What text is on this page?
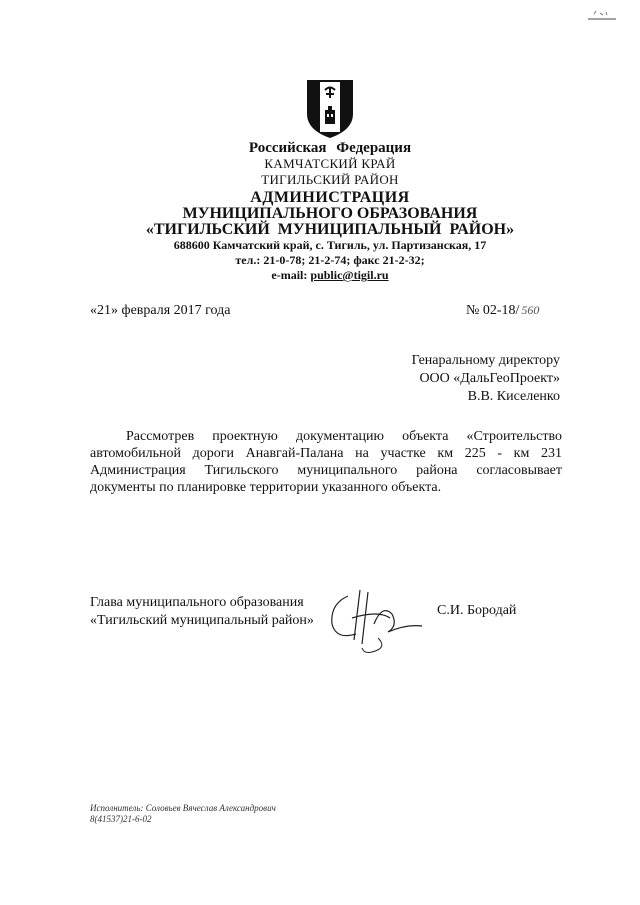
Российская Федерация
КАМЧАТСКИЙ КРАЙ
ТИГИЛЬСКИЙ РАЙОН
АДМИНИСТРАЦИЯ
МУНИЦИПАЛЬНОГО ОБРАЗОВАНИЯ
«ТИГИЛЬСКИЙ МУНИЦИПАЛЬНЫЙ РАЙОН»
688600 Камчатский край, с. Тигиль, ул. Партизанская, 17
тел.: 21-0-78; 21-2-74; факс 21-2-32;
e-mail: public@tigil.ru
«21» февраля 2017 года	№ 02-18/ 560
Генаральному директору
ООО «ДальГеоПроект»
В.В. Киселенко
Рассмотрев проектную документацию объекта «Строительство автомобильной дороги Анавгай-Палана на участке км 225 - км 231 Администрация Тигильского муниципального района согласовывает документы по планировке территории указанного объекта.
Глава муниципального образования
«Тигильский муниципальный район»
С.И. Бородай
Исполнитель: Соловьев Вячеслав Александрович
8(41537)21-6-02
